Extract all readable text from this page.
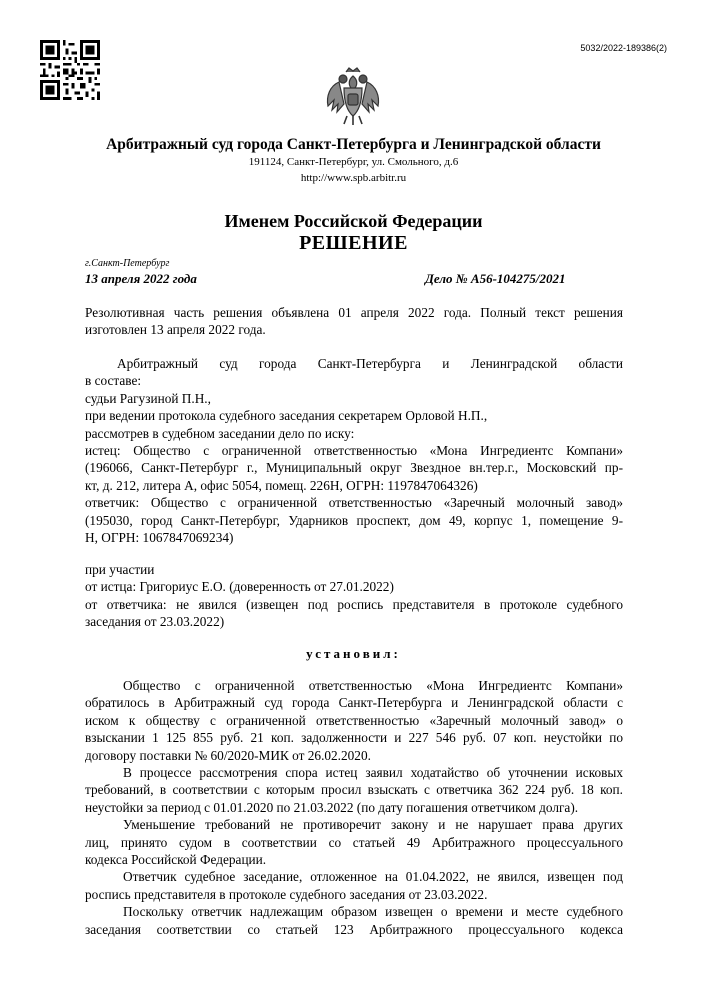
5032/2022-189386(2)
Арбитражный суд города Санкт-Петербурга и Ленинградской области
191124, Санкт-Петербург, ул. Смольного, д.6
http://www.spb.arbitr.ru
Именем Российской Федерации
РЕШЕНИЕ
г.Санкт-Петербург
13 апреля 2022 года	Дело № А56-104275/2021
Резолютивная часть решения объявлена 01 апреля 2022 года. Полный текст решения
изготовлен 13 апреля 2022 года.
Арбитражный суд города Санкт-Петербурга и Ленинградской области
в составе:
судьи Рагузиной П.Н.,
при ведении протокола судебного заседания секретарем Орловой Н.П.,
рассмотрев в судебном заседании дело по иску:
истец: Общество с ограниченной ответственностью «Мона Ингредиентс Компани»
(196066, Санкт-Петербург г., Муниципальный округ Звездное вн.тер.г., Московский пр-
кт, д. 212, литера А, офис 5054, помещ. 226Н, ОГРН: 1197847064326)
ответчик: Общество с ограниченной ответственностью «Заречный молочный завод»
(195030, город Санкт-Петербург, Ударников проспект, дом 49, корпус 1, помещение 9-
Н, ОГРН: 1067847069234)
при участии
от истца: Григориус Е.О. (доверенность от 27.01.2022)
от ответчика: не явился (извещен под роспись представителя в протоколе судебного
заседания от 23.03.2022)
установил:
Общество с ограниченной ответственностью «Мона Ингредиентс Компани»
обратилось в Арбитражный суд города Санкт-Петербурга и Ленинградской области с
иском к обществу с ограниченной ответственностью «Заречный молочный завод» о
взыскании 1 125 855 руб. 21 коп. задолженности и 227 546 руб. 07 коп. неустойки по
договору поставки № 60/2020-МИК от 26.02.2020.
В процессе рассмотрения спора истец заявил ходатайство об уточнении исковых
требований, в соответствии с которым просил взыскать с ответчика 362 224 руб. 18 коп.
неустойки за период с 01.01.2020 по 21.03.2022 (по дату погашения ответчиком долга).
Уменьшение требований не противоречит закону и не нарушает права других
лиц, принято судом в соответствии со статьей 49 Арбитражного процессуального
кодекса Российской Федерации.
Ответчик судебное заседание, отложенное на 01.04.2022, не явился, извещен под
роспись представителя в протоколе судебного заседания от 23.03.2022.
Поскольку ответчик надлежащим образом извещен о времени и месте судебного
заседания соответствии со статьей 123 Арбитражного процессуального кодекса
